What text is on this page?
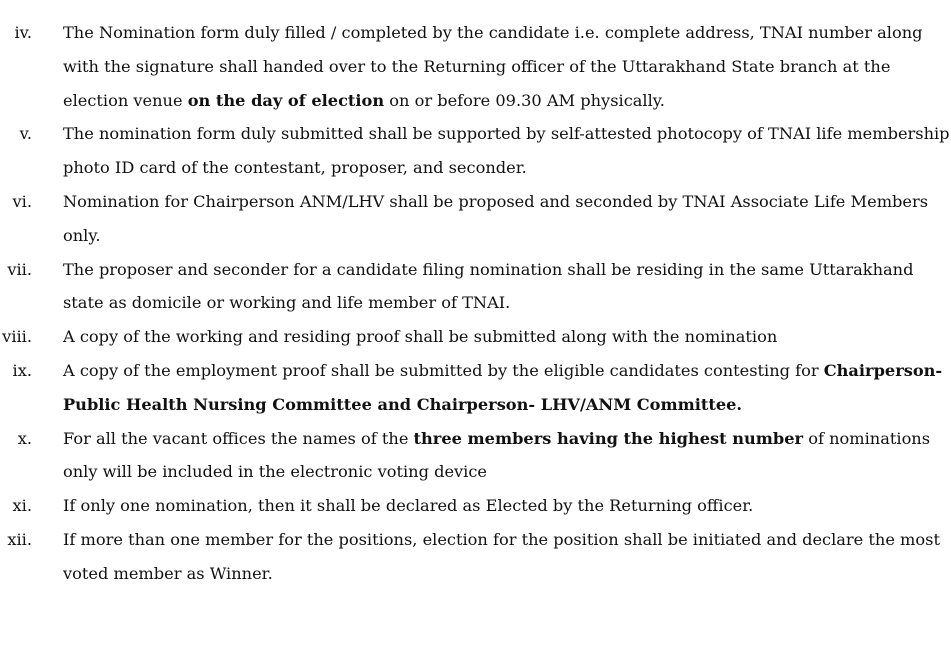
iv. The Nomination form duly filled / completed by the candidate i.e. complete address, TNAI number along
with the signature shall handed over to the Returning officer of the Uttarakhand State branch at the
election venue on the day of election on or before 09.30 AM physically.
v. The nomination form duly submitted shall be supported by self-attested photocopy of TNAI life membership
photo ID card of the contestant, proposer, and seconder.
vi. Nomination for Chairperson ANM/LHV shall be proposed and seconded by TNAI Associate Life Members
only.
vii. The proposer and seconder for a candidate filing nomination shall be residing in the same Uttarakhand
state as domicile or working and life member of TNAI.
viii. A copy of the working and residing proof shall be submitted along with the nomination
ix. A copy of the employment proof shall be submitted by the eligible candidates contesting for Chairperson-
Public Health Nursing Committee and Chairperson- LHV/ANM Committee.
x. For all the vacant offices the names of the three members having the highest number of nominations
only will be included in the electronic voting device
xi. If only one nomination, then it shall be declared as Elected by the Returning officer.
xii. If more than one member for the positions, election for the position shall be initiated and declare the most
voted member as Winner.
